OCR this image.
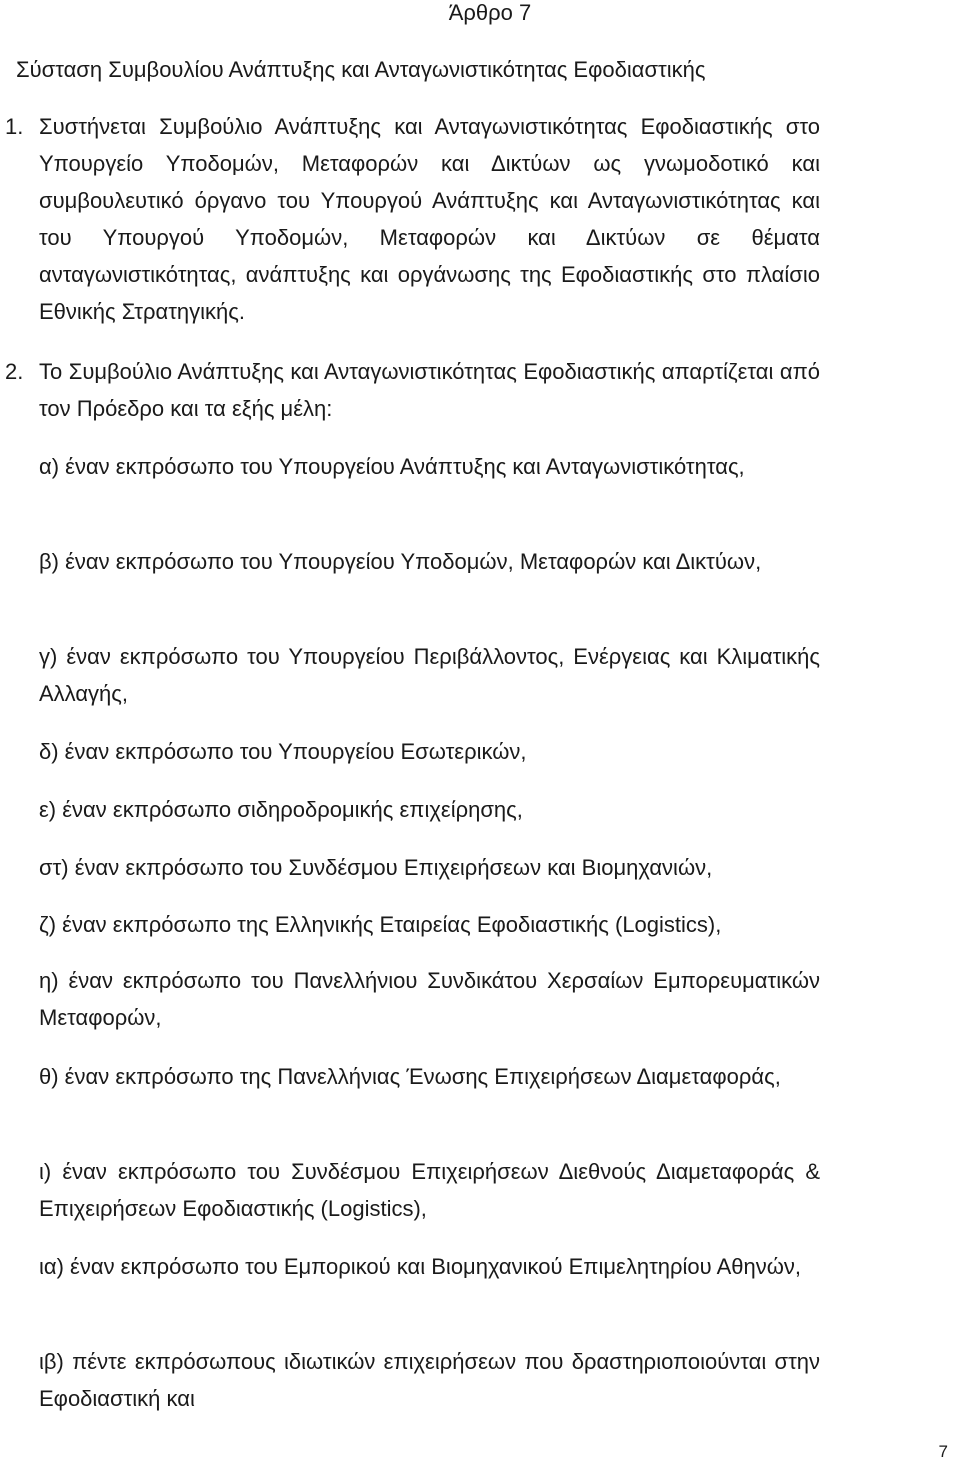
Άρθρο 7
Σύσταση Συμβουλίου Ανάπτυξης και Ανταγωνιστικότητας Εφοδιαστικής
1. Συστήνεται Συμβούλιο Ανάπτυξης και Ανταγωνιστικότητας Εφοδιαστικής στο Υπουργείο Υποδομών, Μεταφορών και Δικτύων ως γνωμοδοτικό και συμβουλευτικό όργανο του Υπουργού Ανάπτυξης και Ανταγωνιστικότητας και του Υπουργού Υποδομών, Μεταφορών και Δικτύων σε θέματα ανταγωνιστικότητας, ανάπτυξης και οργάνωσης της Εφοδιαστικής στο πλαίσιο Εθνικής Στρατηγικής.

2. Το Συμβούλιο Ανάπτυξης και Ανταγωνιστικότητας Εφοδιαστικής απαρτίζεται από τον Πρόεδρο και τα εξής μέλη:

α) έναν εκπρόσωπο του Υπουργείου Ανάπτυξης και Ανταγωνιστικότητας,

β) έναν εκπρόσωπο του Υπουργείου Υποδομών, Μεταφορών και Δικτύων,

γ) έναν εκπρόσωπο του Υπουργείου Περιβάλλοντος, Ενέργειας και Κλιματικής Αλλαγής,

δ) έναν εκπρόσωπο του Υπουργείου Εσωτερικών,

ε) έναν εκπρόσωπο σιδηροδρομικής επιχείρησης,

στ) έναν εκπρόσωπο του Συνδέσμου Επιχειρήσεων και Βιομηχανιών,

ζ) έναν εκπρόσωπο της Ελληνικής Εταιρείας Εφοδιαστικής (Logistics),

η) έναν εκπρόσωπο του Πανελλήνιου Συνδικάτου Χερσαίων Εμπορευματικών Μεταφορών,

θ) έναν εκπρόσωπο της Πανελλήνιας Ένωσης Επιχειρήσεων Διαμεταφοράς,

ι) έναν εκπρόσωπο του Συνδέσμου Επιχειρήσεων Διεθνούς Διαμεταφοράς & Επιχειρήσεων Εφοδιαστικής (Logistics),

ια) έναν εκπρόσωπο του Εμπορικού και Βιομηχανικού Επιμελητηρίου Αθηνών,

ιβ) πέντε εκπρόσωπους ιδιωτικών επιχειρήσεων που δραστηριοποιούνται στην Εφοδιαστική και

7
